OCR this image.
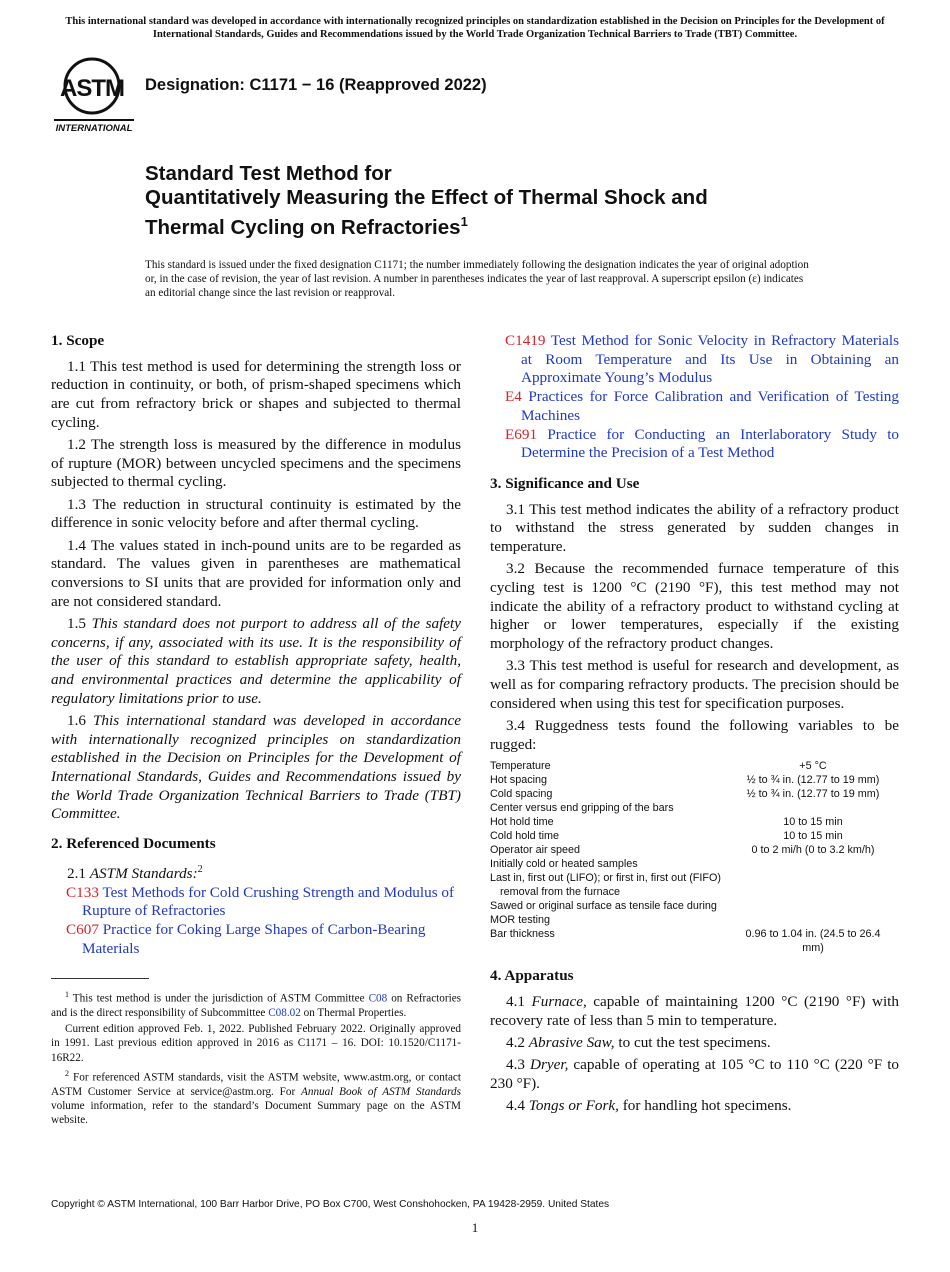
This international standard was developed in accordance with internationally recognized principles on standardization established in the Decision on Principles for the Development of International Standards, Guides and Recommendations issued by the World Trade Organization Technical Barriers to Trade (TBT) Committee.
ASTM
INTERNATIONAL
Designation: C1171 − 16 (Reapproved 2022)
Standard Test Method for
Quantitatively Measuring the Effect of Thermal Shock and
Thermal Cycling on Refractories$^1$
This standard is issued under the fixed designation C1171; the number immediately following the designation indicates the year of original adoption or, in the case of revision, the year of last revision. A number in parentheses indicates the year of last reapproval. A superscript epsilon (ε) indicates an editorial change since the last revision or reapproval.
1. Scope

1.1 This test method is used for determining the strength loss or reduction in continuity, or both, of prism-shaped specimens which are cut from refractory brick or shapes and subjected to thermal cycling.

1.2 The strength loss is measured by the difference in modulus of rupture (MOR) between uncycled specimens and the specimens subjected to thermal cycling.

1.3 The reduction in structural continuity is estimated by the difference in sonic velocity before and after thermal cycling.

1.4 The values stated in inch-pound units are to be regarded as standard. The values given in parentheses are mathematical conversions to SI units that are provided for information only and are not considered standard.

1.5 This standard does not purport to address all of the safety concerns, if any, associated with its use. It is the responsibility of the user of this standard to establish appropriate safety, health, and environmental practices and determine the applicability of regulatory limitations prior to use.

1.6 This international standard was developed in accordance with internationally recognized principles on standardization established in the Decision on Principles for the Development of International Standards, Guides and Recommendations issued by the World Trade Organization Technical Barriers to Trade (TBT) Committee.

2. Referenced Documents

2.1 ASTM Standards:$^2$

C133 Test Methods for Cold Crushing Strength and Modulus of Rupture of Refractories

C607 Practice for Coking Large Shapes of Carbon-Bearing Materials

$^1$ This test method is under the jurisdiction of ASTM Committee C08 on Refractories and is the direct responsibility of Subcommittee C08.02 on Thermal Properties.

Current edition approved Feb. 1, 2022. Published February 2022. Originally approved in 1991. Last previous edition approved in 2016 as C1171 – 16. DOI: 10.1520/C1171-16R22.

$^2$ For referenced ASTM standards, visit the ASTM website, www.astm.org, or contact ASTM Customer Service at service@astm.org. For Annual Book of ASTM Standards volume information, refer to the standard’s Document Summary page on the ASTM website.

C1419 Test Method for Sonic Velocity in Refractory Materials at Room Temperature and Its Use in Obtaining an Approximate Young’s Modulus

E4 Practices for Force Calibration and Verification of Testing Machines

E691 Practice for Conducting an Interlaboratory Study to Determine the Precision of a Test Method

3. Significance and Use

3.1 This test method indicates the ability of a refractory product to withstand the stress generated by sudden changes in temperature.

3.2 Because the recommended furnace temperature of this cycling test is 1200 °C (2190 °F), this test method may not indicate the ability of a refractory product to withstand cycling at higher or lower temperatures, especially if the existing morphology of the refractory product changes.

3.3 This test method is useful for research and development, as well as for comparing refractory products. The precision should be considered when using this test for specification purposes.

3.4 Ruggedness tests found the following variables to be rugged:

Temperature	+5 °C
Hot spacing	½ to ¾ in. (12.77 to 19 mm)
Cold spacing	½ to ¾ in. (12.77 to 19 mm)
Center versus end gripping of the bars	
Hot hold time	10 to 15 min
Cold hold time	10 to 15 min
Operator air speed	0 to 2 mi/h (0 to 3.2 km/h)
Initially cold or heated samples	
Last in, first out (LIFO); or first in, first out (FIFO)	
removal from the furnace	
Sawed or original surface as tensile face during MOR testing	
Bar thickness	0.96 to 1.04 in. (24.5 to 26.4 mm)
4. Apparatus

4.1 Furnace, capable of maintaining 1200 °C (2190 °F) with recovery rate of less than 5 min to temperature.

4.2 Abrasive Saw, to cut the test specimens.

4.3 Dryer, capable of operating at 105 °C to 110 °C (220 °F to 230 °F).

4.4 Tongs or Fork, for handling hot specimens.

Copyright © ASTM International, 100 Barr Harbor Drive, PO Box C700, West Conshohocken, PA 19428-2959. United States
1
